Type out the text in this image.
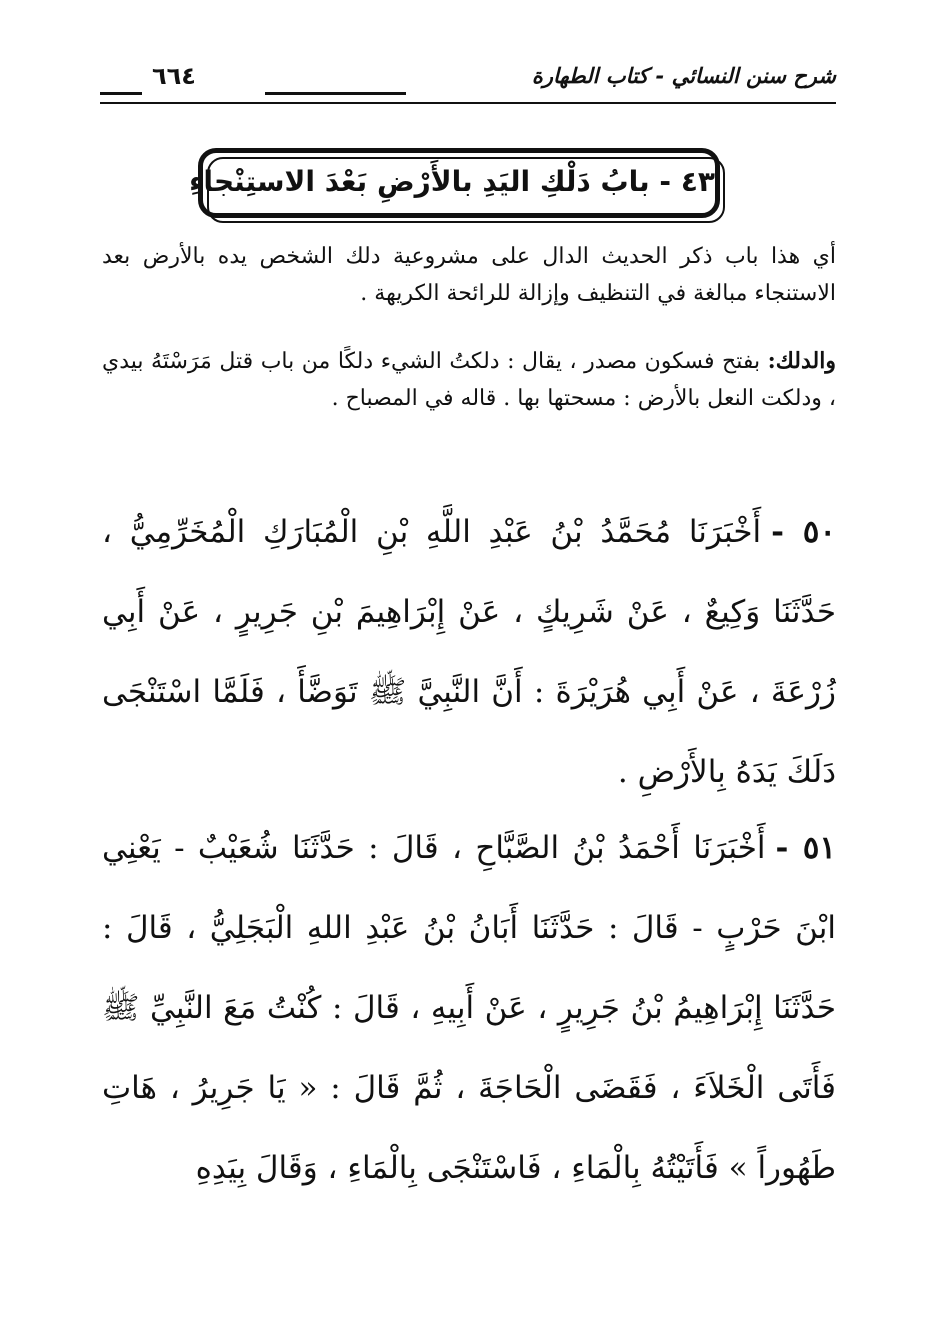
شرح سنن النسائي - كتاب الطهارة
٦٦٤
٤٣ - بابُ دَلْكِ اليَدِ بالأَرْضِ بَعْدَ الاستِنْجاءِ

أي هذا باب ذكر الحديث الدال على مشروعية دلك الشخص يده بالأرض بعد الاستنجاء مبالغة في التنظيف وإزالة للرائحة الكريهة .

والدلك: بفتح فسكون مصدر ، يقال : دلكتُ الشيء دلكًا من باب قتل مَرَسْتَهُ بيدي ، ودلكت النعل بالأرض : مسحتها بها . قاله في المصباح .

٥٠ -أَخْبَرَنَا مُحَمَّدُ بْنُ عَبْدِ اللَّهِ بْنِ الْمُبَارَكِ الْمُخَرِّمِيُّ ، حَدَّثَنَا وَكِيعٌ ، عَنْ شَرِيكٍ ، عَنْ إِبْرَاهِيمَ بْنِ جَرِيرٍ ، عَنْ أَبِي زُرْعَةَ ، عَنْ أَبِي هُرَيْرَةَ : أَنَّ النَّبِيَّ ﷺ تَوَضَّأَ ، فَلَمَّا اسْتَنْجَى دَلَكَ يَدَهُ بِالأَرْضِ .

٥١ -أَخْبَرَنَا أَحْمَدُ بْنُ الصَّبَّاحِ ، قَالَ : حَدَّثَنَا شُعَيْبٌ - يَعْنِي ابْنَ حَرْبٍ - قَالَ : حَدَّثَنَا أَبَانُ بْنُ عَبْدِ اللهِ الْبَجَلِيُّ ، قَالَ : حَدَّثَنَا إِبْرَاهِيمُ بْنُ جَرِيرٍ ، عَنْ أَبِيهِ ، قَالَ : كُنْتُ مَعَ النَّبِيِّ ﷺ فَأَتَى الْخَلاَءَ ، فَقَضَى الْحَاجَةَ ، ثُمَّ قَالَ : « يَا جَرِيرُ ، هَاتِ طَهُوراً » فَأَتَيْتُهُ بِالْمَاءِ ، فَاسْتَنْجَى بِالْمَاءِ ، وَقَالَ بِيَدِهِ
